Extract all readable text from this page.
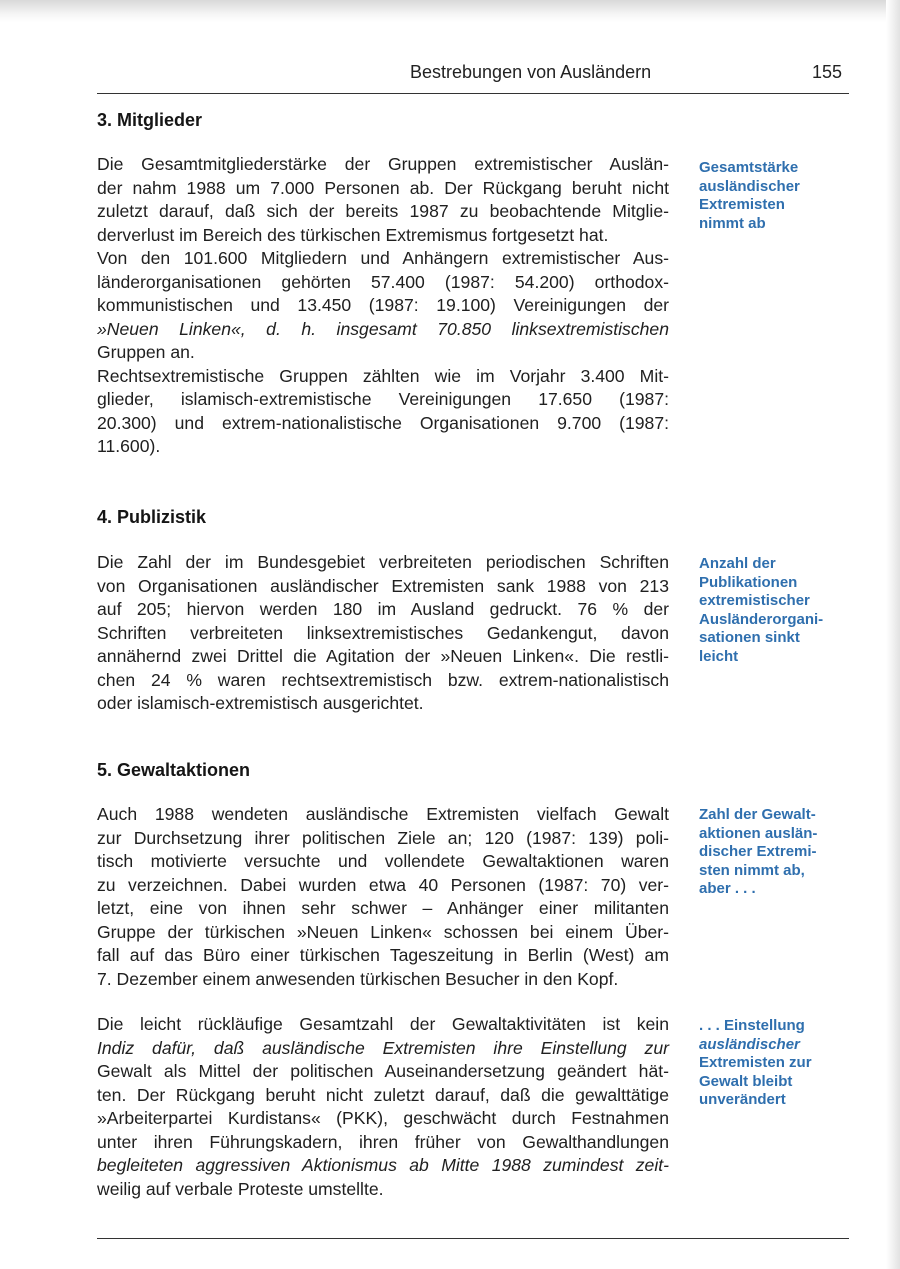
Bestrebungen von Ausländern	155
3. Mitglieder
Die Gesamtmitgliederstärke der Gruppen extremistischer Auslän-
der nahm 1988 um 7.000 Personen ab. Der Rückgang beruht nicht
zuletzt darauf, daß sich der bereits 1987 zu beobachtende Mitglie-
derverlust im Bereich des türkischen Extremismus fortgesetzt hat.
Von den 101.600 Mitgliedern und Anhängern extremistischer Aus-
länderorganisationen gehörten 57.400 (1987: 54.200) orthodox-
kommunistischen und 13.450 (1987: 19.100) Vereinigungen der
»Neuen Linken«, d. h. insgesamt 70.850 linksextremistischen
Gruppen an.
Rechtsextremistische Gruppen zählten wie im Vorjahr 3.400 Mit-
glieder, islamisch-extremistische Vereinigungen 17.650 (1987:
20.300) und extrem-nationalistische Organisationen 9.700 (1987:
11.600).
Gesamtstärke
ausländischer
Extremisten
nimmt ab
4. Publizistik
Die Zahl der im Bundesgebiet verbreiteten periodischen Schriften
von Organisationen ausländischer Extremisten sank 1988 von 213
auf 205; hiervon werden 180 im Ausland gedruckt. 76 % der
Schriften verbreiteten linksextremistisches Gedankengut, davon
annähernd zwei Drittel die Agitation der »Neuen Linken«. Die restli-
chen 24 % waren rechtsextremistisch bzw. extrem-nationalistisch
oder islamisch-extremistisch ausgerichtet.
Anzahl der
Publikationen
extremistischer
Ausländerorgani-
sationen sinkt
leicht
5. Gewaltaktionen
Auch 1988 wendeten ausländische Extremisten vielfach Gewalt
zur Durchsetzung ihrer politischen Ziele an; 120 (1987: 139) poli-
tisch motivierte versuchte und vollendete Gewaltaktionen waren
zu verzeichnen. Dabei wurden etwa 40 Personen (1987: 70) ver-
letzt, eine von ihnen sehr schwer – Anhänger einer militanten
Gruppe der türkischen »Neuen Linken« schossen bei einem Über-
fall auf das Büro einer türkischen Tageszeitung in Berlin (West) am
7. Dezember einem anwesenden türkischen Besucher in den Kopf.
Zahl der Gewalt-
aktionen auslän-
discher Extremi-
sten nimmt ab,
aber . . .
Die leicht rückläufige Gesamtzahl der Gewaltaktivitäten ist kein
Indiz dafür, daß ausländische Extremisten ihre Einstellung zur
Gewalt als Mittel der politischen Auseinandersetzung geändert hät-
ten. Der Rückgang beruht nicht zuletzt darauf, daß die gewalttätige
»Arbeiterpartei Kurdistans« (PKK), geschwächt durch Festnahmen
unter ihren Führungskadern, ihren früher von Gewalthandlungen
begleiteten aggressiven Aktionismus ab Mitte 1988 zumindest zeit-
weilig auf verbale Proteste umstellte.
. . . Einstellung
ausländischer
Extremisten zur
Gewalt bleibt
unverändert
